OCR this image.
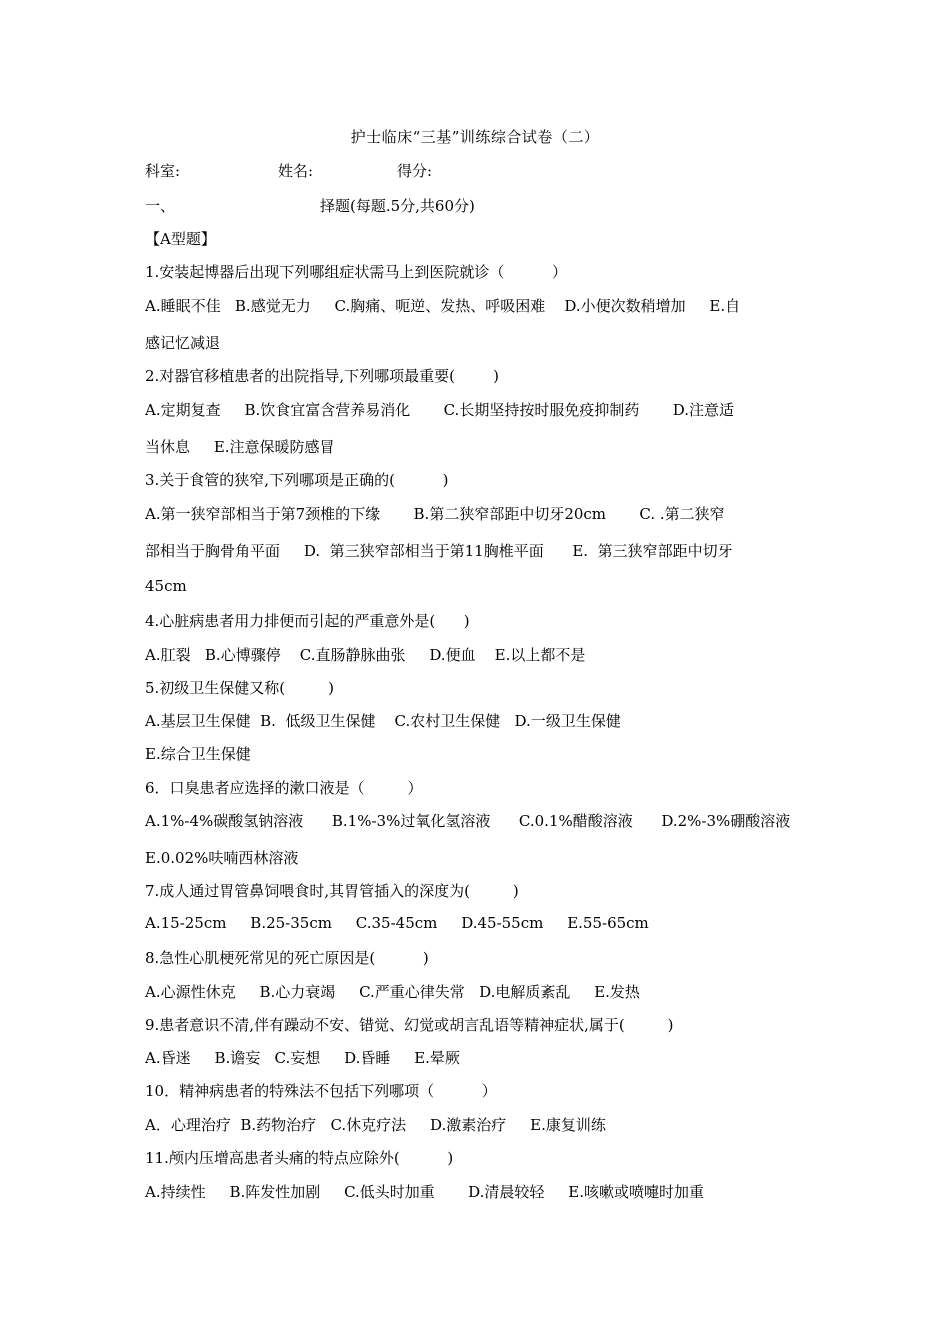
护士临床“三基”训练综合试卷（二）
科室:	姓名:	得分:
一、	择题(每题.5分,共60分)
【A型题】
1.安装起博器后出现下列哪组症状需马上到医院就诊（          ）
A.睡眠不佳   B.感觉无力     C.胸痛、呃逆、发热、呼吸困难    D.小便次数稍增加     E.自
感记忆减退
2.对器官移植患者的出院指导,下列哪项最重要(        )
A.定期复查     B.饮食宜富含营养易消化       C.长期坚持按时服免疫抑制药       D.注意适
当休息     E.注意保暖防感冒
3.关于食管的狭窄,下列哪项是正确的(          )
A.第一狭窄部相当于第7颈椎的下缘       B.第二狭窄部距中切牙20cm       C. .第二狭窄
部相当于胸骨角平面     D.  第三狭窄部相当于第11胸椎平面      E.  第三狭窄部距中切牙
45cm
4.心脏病患者用力排便而引起的严重意外是(      )
A.肛裂   B.心博骤停    C.直肠静脉曲张     D.便血    E.以上都不是
5.初级卫生保健又称(         )
A.基层卫生保健  B.  低级卫生保健    C.农村卫生保健   D.一级卫生保健
E.综合卫生保健
6．口臭患者应选择的漱口液是（         ）
A.1%-4%碳酸氢钠溶液      B.1%-3%过氧化氢溶液      C.0.1%醋酸溶液      D.2%-3%硼酸溶液
E.0.02%呋喃西林溶液
7.成人通过胃管鼻饲喂食时,其胃管插入的深度为(         )
A.15-25cm     B.25-35cm     C.35-45cm     D.45-55cm     E.55-65cm
8.急性心肌梗死常见的死亡原因是(          )
A.心源性休克     B.心力衰竭     C.严重心律失常   D.电解质紊乱     E.发热
9.患者意识不清,伴有躁动不安、错觉、幻觉或胡言乱语等精神症状,属于(         )
A.昏迷     B.谵妄   C.妄想     D.昏睡     E.晕厥
10．精神病患者的特殊法不包括下列哪项（          ）
A．心理治疗  B.药物治疗   C.休克疗法     D.激素治疗     E.康复训练
11.颅内压增高患者头痛的特点应除外(          )
A.持续性     B.阵发性加剧     C.低头时加重       D.清晨较轻     E.咳嗽或喷嚏时加重
